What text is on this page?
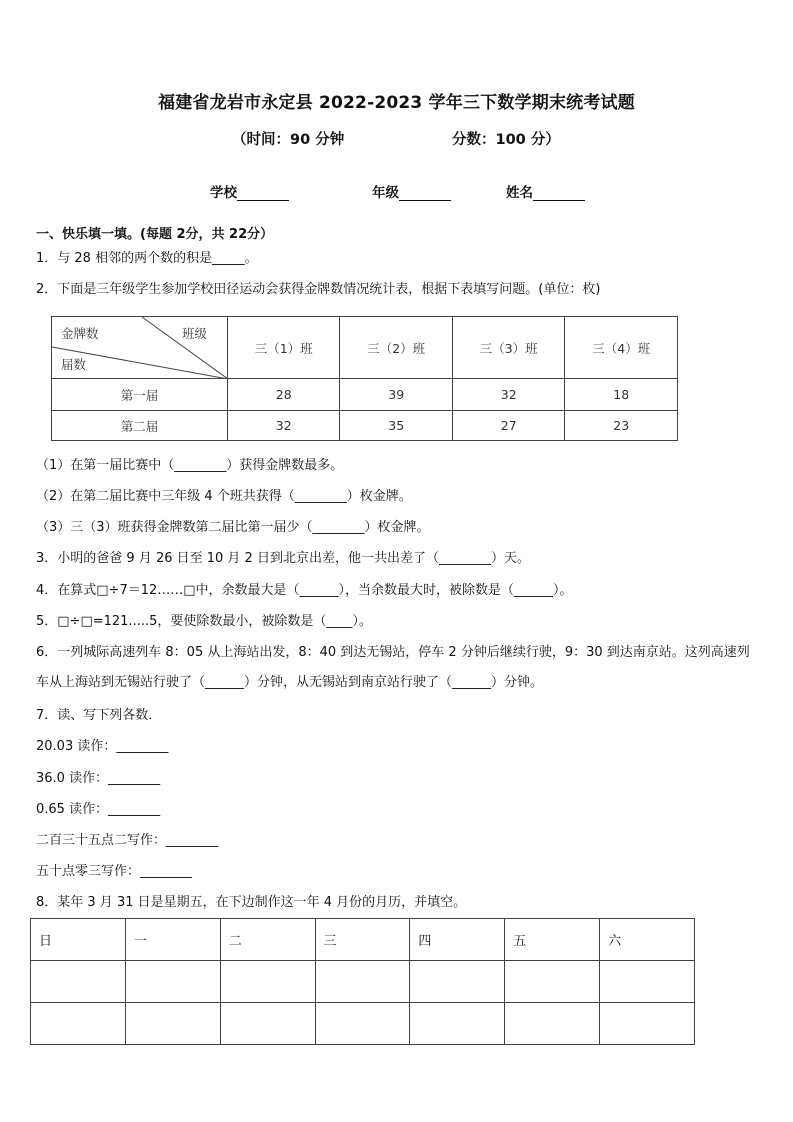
福建省龙岩市永定县 2022-2023 学年三下数学期末统考试题
（时间：90 分钟	分数：100 分）
学校	年级	姓名
一、快乐填一填。(每题 2分，共 22分）
1．与 28 相邻的两个数的积是_____。
2．下面是三年级学生参加学校田径运动会获得金牌数情况统计表，根据下表填写问题。(单位：枚)
金牌数 班级
届数	三（1）班	三（2）班	三（3）班	三（4）班
第一届	28	39	32	18
第二届	32	35	27	23
（1）在第一届比赛中（________）获得金牌数最多。
（2）在第二届比赛中三年级 4 个班共获得（________）枚金牌。
（3）三（3）班获得金牌数第二届比第一届少（________）枚金牌。
3．小明的爸爸 9 月 26 日至 10 月 2 日到北京出差，他一共出差了（________）天。
4．在算式□÷7＝12……□中，余数最大是（______），当余数最大时，被除数是（______）。
5．□÷□=121.....5，要使除数最小，被除数是（____）。
6．一列城际高速列车 8：05 从上海站出发，8：40 到达无锡站，停车 2 分钟后继续行驶，9：30 到达南京站。这列高速列车从上海站到无锡站行驶了（______）分钟，从无锡站到南京站行驶了（______）分钟。
7．读、写下列各数．
20.03 读作：________
36.0 读作：________
0.65 读作：________
二百三十五点二写作：________
五十点零三写作：________
8．某年 3 月 31 日是星期五，在下边制作这一年 4 月份的月历，并填空。
日	一	二	三	四	五	六
